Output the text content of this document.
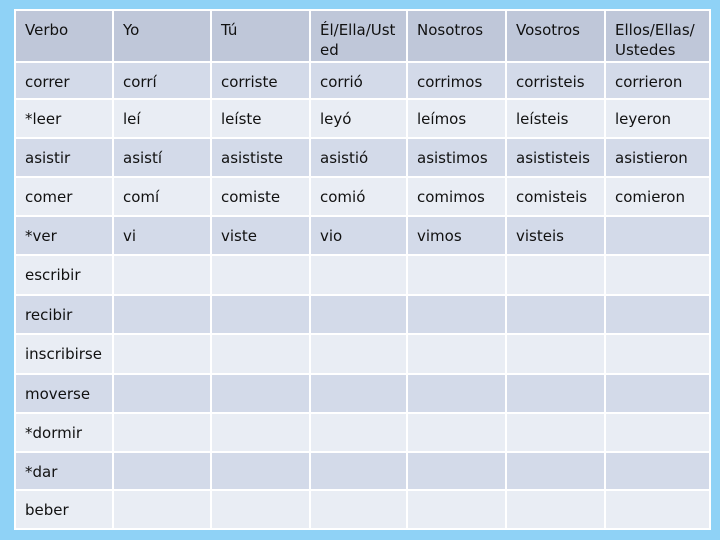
Verbo	Yo	Tú	Él/Ella/Usted	Nosotros	Vosotros	Ellos/Ellas/ Ustedes
correr	corrí	corriste	corrió	corrimos	corristeis	corrieron
*leer	leí	leíste	leyó	leímos	leísteis	leyeron
asistir	asistí	asististe	asistió	asistimos	asististeis	asistieron
comer	comí	comiste	comió	comimos	comisteis	comieron
*ver	vi	viste	vio	vimos	visteis	
escribir						
recibir						
inscribirse						
moverse						
*dormir						
*dar						
beber						
